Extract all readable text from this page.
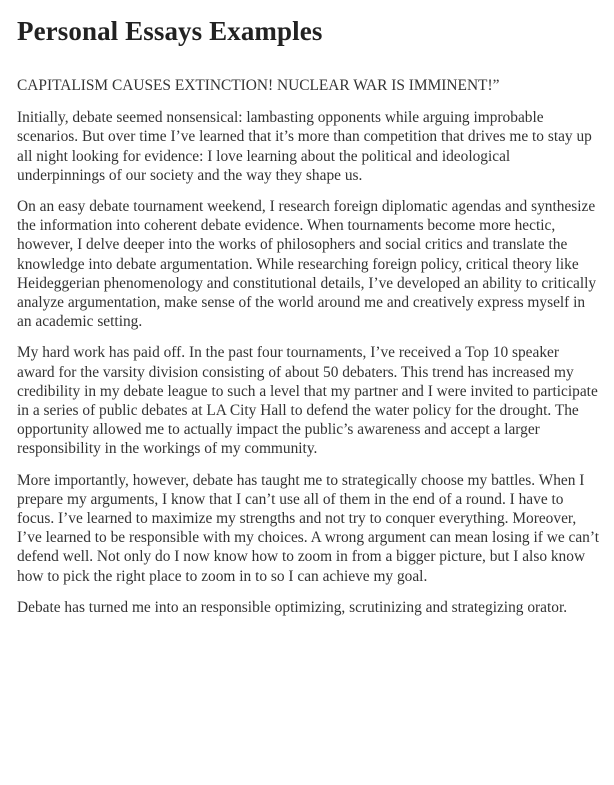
Personal Essays Examples

CAPITALISM CAUSES EXTINCTION! NUCLEAR WAR IS IMMINENT!”

Initially, debate seemed nonsensical: lambasting opponents while arguing improbable scenarios. But over time I’ve learned that it’s more than competition that drives me to stay up all night looking for evidence: I love learning about the political and ideological underpinnings of our society and the way they shape us.

On an easy debate tournament weekend, I research foreign diplomatic agendas and synthesize the information into coherent debate evidence. When tournaments become more hectic, however, I delve deeper into the works of philosophers and social critics and translate the knowledge into debate argumentation. While researching foreign policy, critical theory like Heideggerian phenomenology and constitutional details, I’ve developed an ability to critically analyze argumentation, make sense of the world around me and creatively express myself in an academic setting.

My hard work has paid off. In the past four tournaments, I’ve received a Top 10 speaker award for the varsity division consisting of about 50 debaters. This trend has increased my credibility in my debate league to such a level that my partner and I were invited to participate in a series of public debates at LA City Hall to defend the water policy for the drought. The opportunity allowed me to actually impact the public’s awareness and accept a larger responsibility in the workings of my community.

More importantly, however, debate has taught me to strategically choose my battles. When I prepare my arguments, I know that I can’t use all of them in the end of a round. I have to focus. I’ve learned to maximize my strengths and not try to conquer everything. Moreover, I’ve learned to be responsible with my choices. A wrong argument can mean losing if we can’t defend well. Not only do I now know how to zoom in from a bigger picture, but I also know how to pick the right place to zoom in to so I can achieve my goal.

Debate has turned me into an responsible optimizing, scrutinizing and strategizing orator.
